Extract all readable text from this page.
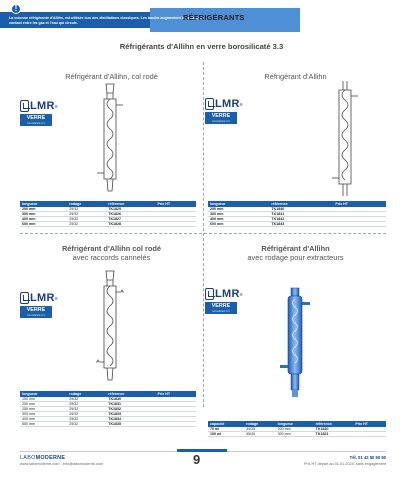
!
La colonne réfrigérante d'Allihn, est utilisée lors des distillations classiques. Les boules augmentent la surface de contact entre les gaz et l'eau qui circule.
RÉFRIGÉRANTS
Réfrigérants d'Allihn en verre borosilicaté 3.3
Réfrigérant d'Allihn, col rodé
LMR ®
VERRE
borosilicaté 3.3
longueur	rodage	référence	Prix HT
200 mm	29/32	TK1825	
300 mm	29/32	TK1826	
400 mm	29/32	TK1827	
600 mm	29/32	TK1828	
Réfrigérant d'Allihn
LMR ®
VERRE
borosilicaté 3.3
longueur	référence	Prix HT
200 mm	TK1840	
300 mm	TK1841	
400 mm	TK1842	
600 mm	TK1843	
Réfrigérant d'Allihn col rodé
avec raccords cannelés
LMR ®
VERRE
borosilicaté 3.3
longueur	rodage	référence	Prix HT
150 mm	29/32	TK1830	
200 mm	29/32	TK1831	
250 mm	29/32	TK1832	
300 mm	29/32	TK1833	
400 mm	29/32	TK1834	
600 mm	29/32	TK1835	
Réfrigérant d'Allihn
avec rodage pour extracteurs
LMR ®
VERRE
borosilicaté 3.3
capacité	rodage	longueur	référence	Prix HT
70 ml	34/35	200 mm	TK1820	
100 ml	45/40	300 mm	TK1821	
LABOMODERNE
www.labomoderne.com - info@labomoderne.com	9	Tél. 01 42 50 50 50
Prix HT départ au 01.01.2024, sans engagement
